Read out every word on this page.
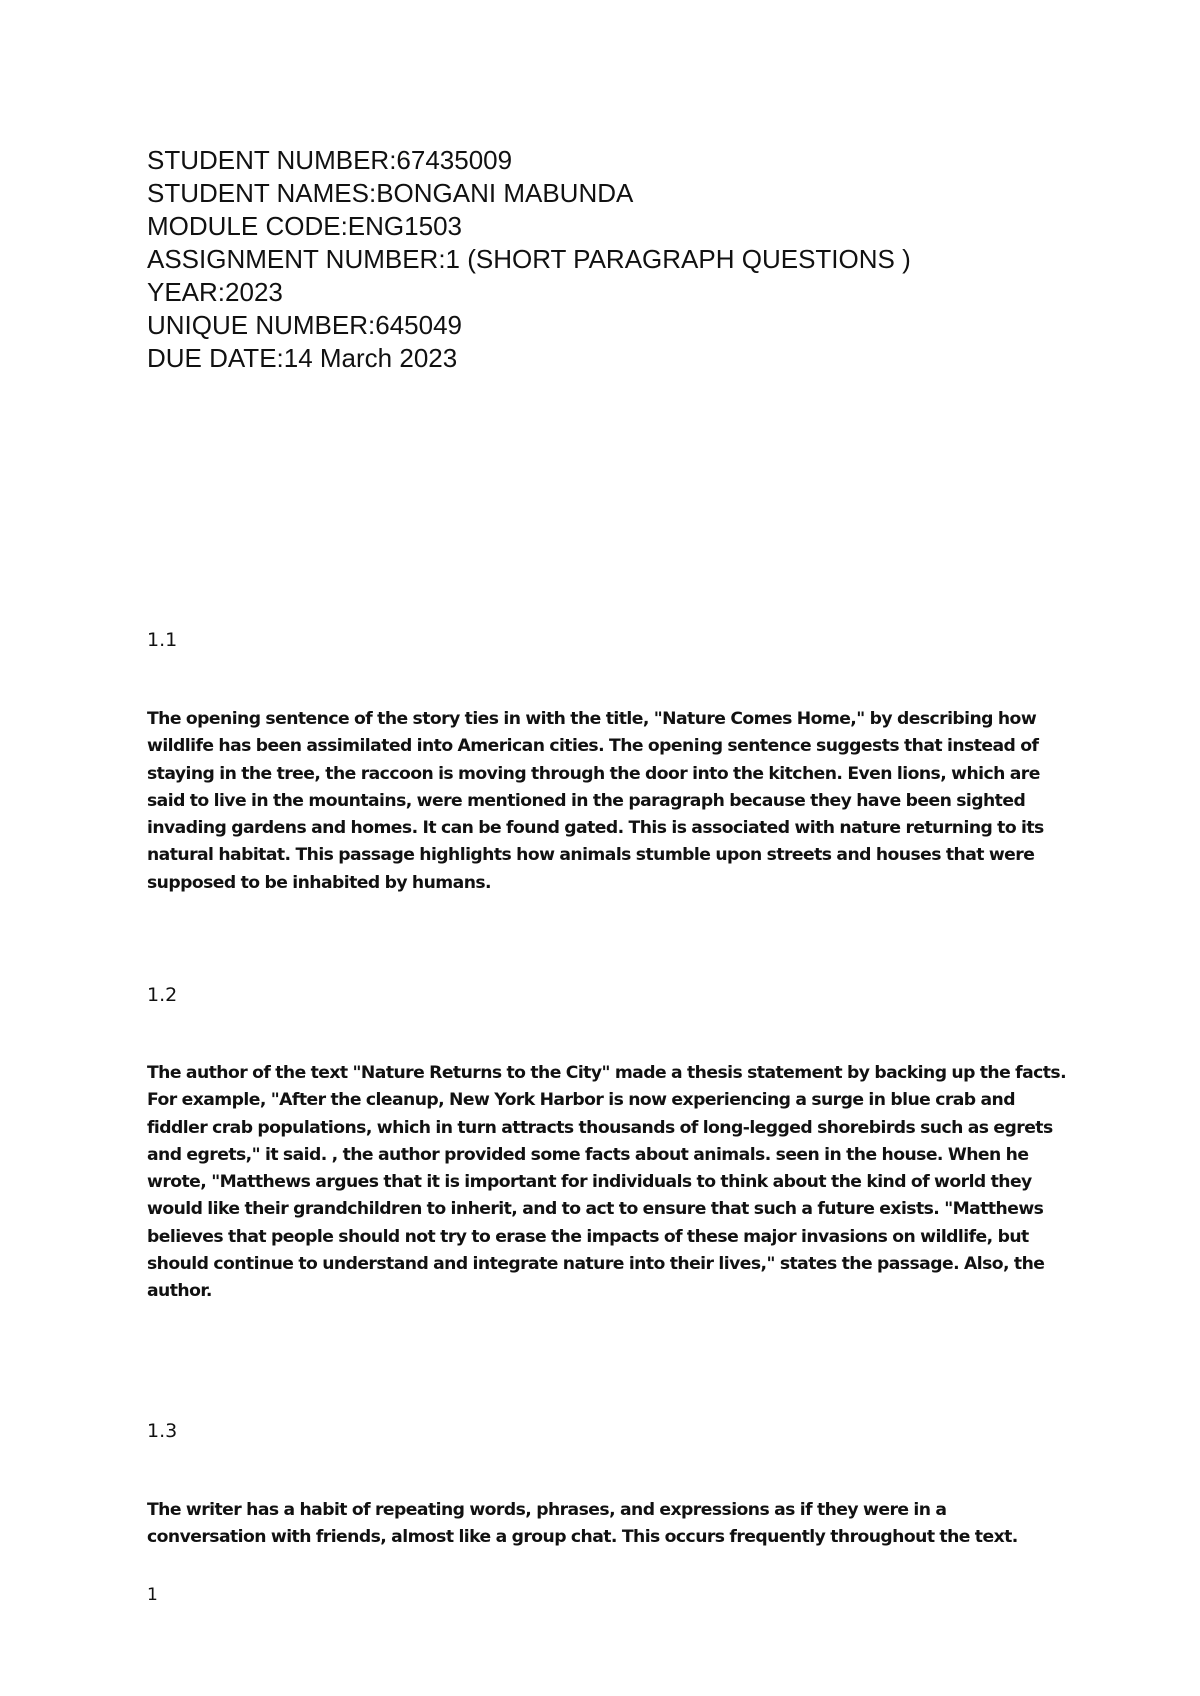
STUDENT NUMBER:67435009
STUDENT NAMES:BONGANI MABUNDA
MODULE CODE:ENG1503
ASSIGNMENT NUMBER:1 (SHORT PARAGRAPH QUESTIONS )
YEAR:2023
UNIQUE NUMBER:645049
DUE DATE:14 March 2023
1.1

The opening sentence of the story ties in with the title, "Nature Comes Home," by describing how wildlife has been assimilated into American cities. The opening sentence suggests that instead of staying in the tree, the raccoon is moving through the door into the kitchen. Even lions, which are said to live in the mountains, were mentioned in the paragraph because they have been sighted invading gardens and homes. It can be found gated. This is associated with nature returning to its natural habitat. This passage highlights how animals stumble upon streets and houses that were supposed to be inhabited by humans.

1.2

The author of the text "Nature Returns to the City" made a thesis statement by backing up the facts. For example, "After the cleanup, New York Harbor is now experiencing a surge in blue crab and fiddler crab populations, which in turn attracts thousands of long-legged shorebirds such as egrets and egrets," it said. , the author provided some facts about animals. seen in the house. When he wrote, "Matthews argues that it is important for individuals to think about the kind of world they would like their grandchildren to inherit, and to act to ensure that such a future exists. "Matthews believes that people should not try to erase the impacts of these major invasions on wildlife, but should continue to understand and integrate nature into their lives," states the passage. Also, the author.

1.3

The writer has a habit of repeating words, phrases, and expressions as if they were in a conversation with friends, almost like a group chat. This occurs frequently throughout the text.

1
